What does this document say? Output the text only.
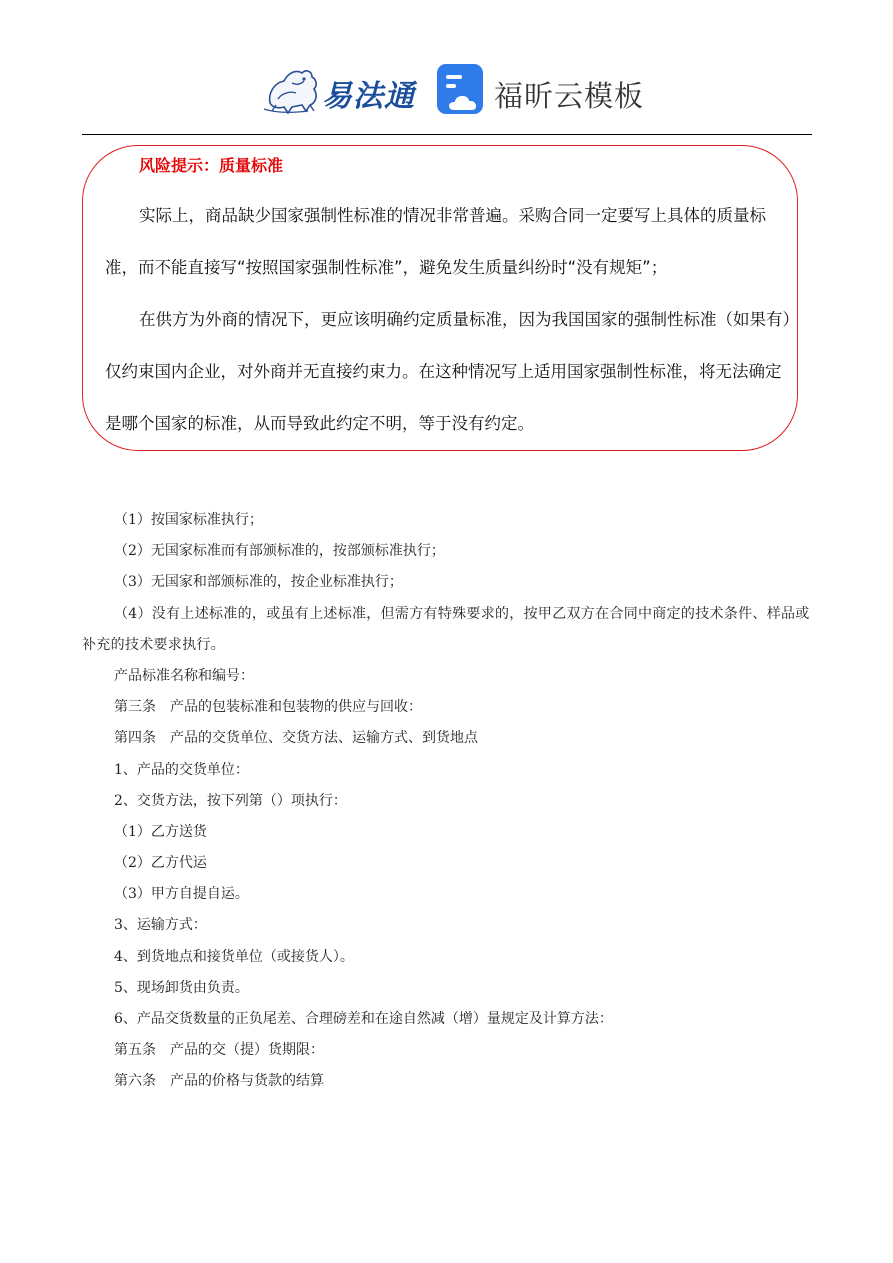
易法通	福昕云模板
风险提示：质量标准

实际上，商品缺少国家强制性标准的情况非常普遍。采购合同一定要写上具体的质量标准，而不能直接写“按照国家强制性标准”，避免发生质量纠纷时“没有规矩”；

在供方为外商的情况下，更应该明确约定质量标准，因为我国国家的强制性标准（如果有）仅约束国内企业，对外商并无直接约束力。在这种情况写上适用国家强制性标准，将无法确定是哪个国家的标准，从而导致此约定不明，等于没有约定。

（1）按国家标准执行；
（2）无国家标准而有部颁标准的，按部颁标准执行；
（3）无国家和部颁标准的，按企业标准执行；
（4）没有上述标准的，或虽有上述标准，但需方有特殊要求的，按甲乙双方在合同中商定的技术条件、样品或补充的技术要求执行。
产品标准名称和编号：
第三条　产品的包装标准和包装物的供应与回收：
第四条　产品的交货单位、交货方法、运输方式、到货地点
1、产品的交货单位：
2、交货方法，按下列第（）项执行：
（1）乙方送货
（2）乙方代运
（3）甲方自提自运。
3、运输方式：
4、到货地点和接货单位（或接货人）。
5、现场卸货由负责。
6、产品交货数量的正负尾差、合理磅差和在途自然减（增）量规定及计算方法：
第五条　产品的交（提）货期限：
第六条　产品的价格与货款的结算
